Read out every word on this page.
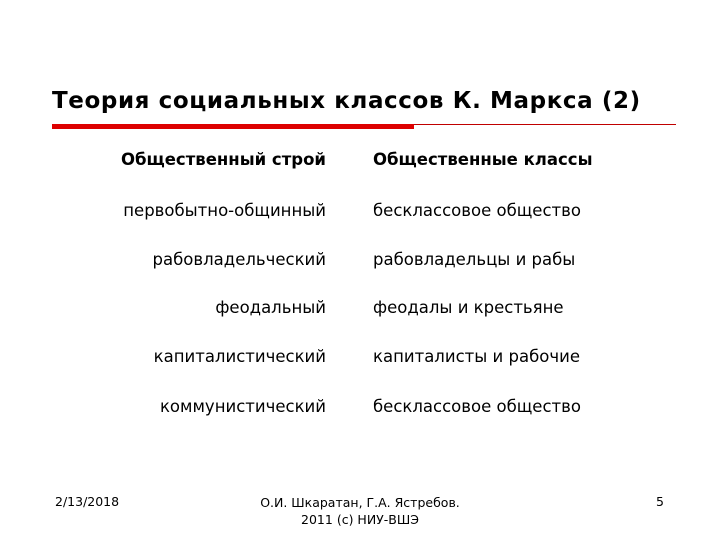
Теория социальных классов К. Маркса (2)
Общественный строй	Общественные классы
первобытно-общинный	бесклассовое общество
рабовладельческий	рабовладельцы и рабы
феодальный	феодалы и крестьяне
капиталистический	капиталисты и рабочие
коммунистический	бесклассовое общество
2/13/2018	О.И. Шкаратан, Г.А. Ястребов.
2011 (с) НИУ-ВШЭ
5
